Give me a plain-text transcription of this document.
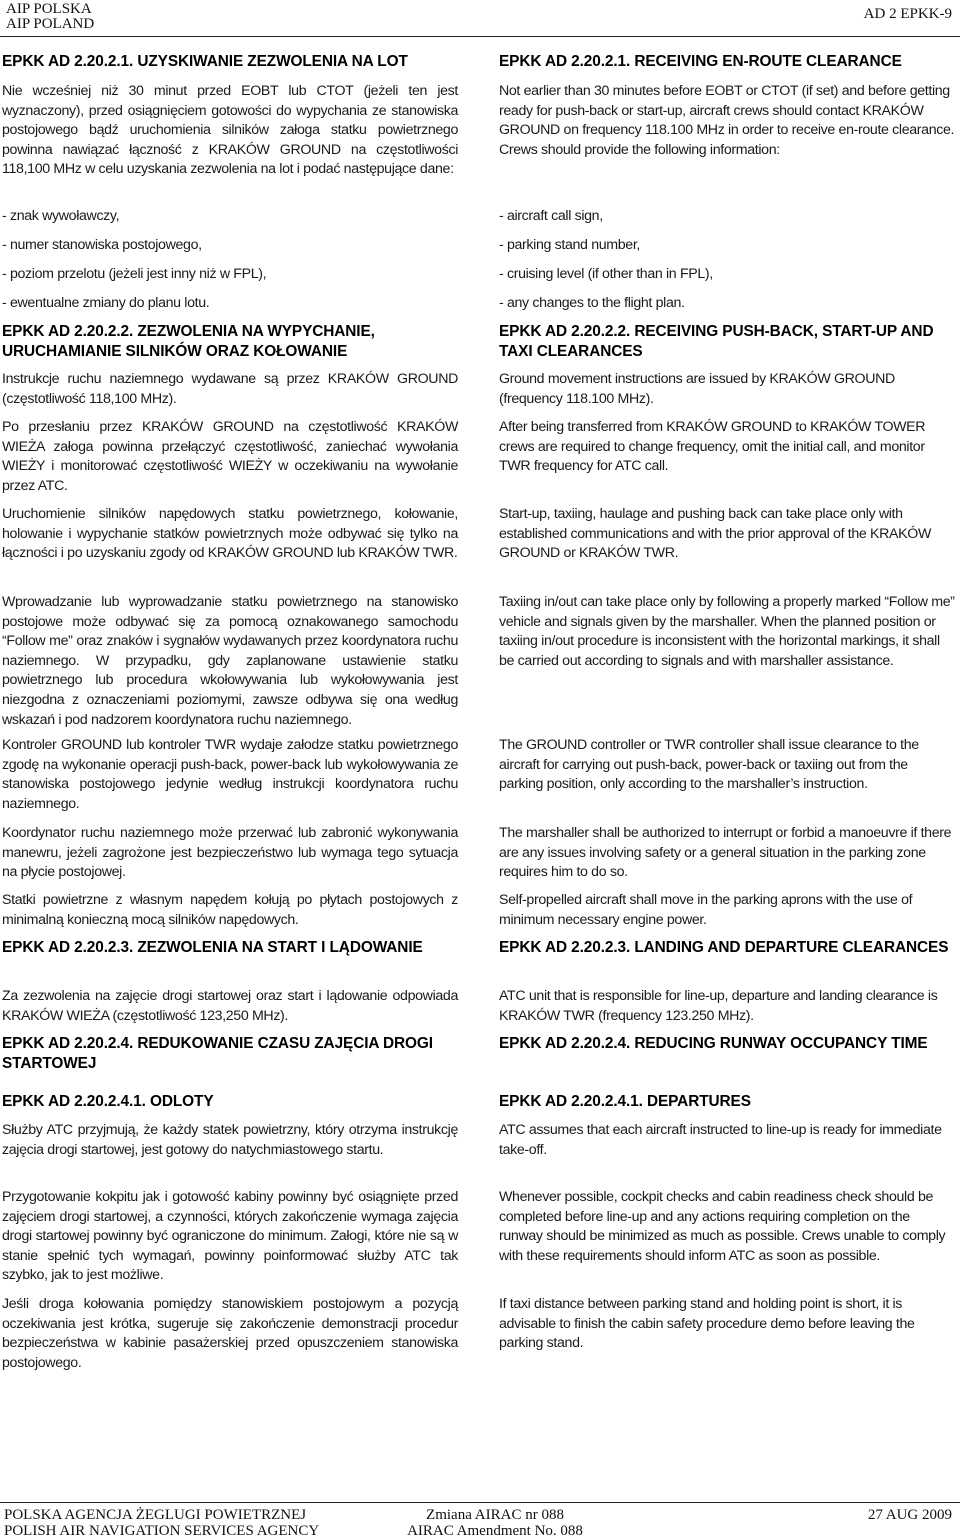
AIP POLSKA
AIP POLAND
AD 2 EPKK-9

EPKK AD 2.20.2.1. UZYSKIWANIE ZEZWOLENIA NA LOT

Nie wcześniej niż 30 minut przed EOBT lub CTOT (jeżeli ten jest wyznaczony), przed osiągnięciem gotowości do wypychania ze stanowiska postojowego bądź uruchomienia silników załoga statku powietrznego powinna nawiązać łączność z KRAKÓW GROUND na częstotliwości 118,100 MHz w celu uzyskania zezwolenia na lot i podać następujące dane:

- znak wywoławczy,

- numer stanowiska postojowego,

- poziom przelotu (jeżeli jest inny niż w FPL),

- ewentualne zmiany do planu lotu.

EPKK AD 2.20.2.2. ZEZWOLENIA NA WYPYCHANIE, URUCHAMIANIE SILNIKÓW ORAZ KOŁOWANIE

Instrukcje ruchu naziemnego wydawane są przez KRAKÓW GROUND (częstotliwość 118,100 MHz).

Po przesłaniu przez KRAKÓW GROUND na częstotliwość KRAKÓW WIEŻA załoga powinna przełączyć częstotliwość, zaniechać wywołania WIEŻY i monitorować częstotliwość WIEŻY w oczekiwaniu na wywołanie przez ATC.

Uruchomienie silników napędowych statku powietrznego, kołowanie, holowanie i wypychanie statków powietrznych może odbywać się tylko na łączności i po uzyskaniu zgody od KRAKÓW GROUND lub KRAKÓW TWR.

Wprowadzanie lub wyprowadzanie statku powietrznego na stanowisko postojowe może odbywać się za pomocą oznakowanego samochodu “Follow me” oraz znaków i sygnałów wydawanych przez koordynatora ruchu naziemnego. W przypadku, gdy zaplanowane ustawienie statku powietrznego lub procedura wkołowywania lub wykołowywania jest niezgodna z oznaczeniami poziomymi, zawsze odbywa się ona według wskazań i pod nadzorem koordynatora ruchu naziemnego.

Kontroler GROUND lub kontroler TWR wydaje załodze statku powietrznego zgodę na wykonanie operacji push-back, power-back lub wykołowywania ze stanowiska postojowego jedynie według instrukcji koordynatora ruchu naziemnego.

Koordynator ruchu naziemnego może przerwać lub zabronić wykonywania manewru, jeżeli zagrożone jest bezpieczeństwo lub wymaga tego sytuacja na płycie postojowej.

Statki powietrzne z własnym napędem kołują po płytach postojowych z minimalną konieczną mocą silników napędowych.

EPKK AD 2.20.2.3. ZEZWOLENIA NA START I LĄDOWANIE

Za zezwolenia na zajęcie drogi startowej oraz start i lądowanie odpowiada KRAKÓW WIEŻA (częstotliwość 123,250 MHz).

EPKK AD 2.20.2.4. REDUKOWANIE CZASU ZAJĘCIA DROGI STARTOWEJ

EPKK AD 2.20.2.4.1. ODLOTY

Służby ATC przyjmują, że każdy statek powietrzny, który otrzyma instrukcję zajęcia drogi startowej, jest gotowy do natychmiastowego startu.

Przygotowanie kokpitu jak i gotowość kabiny powinny być osiągnięte przed zajęciem drogi startowej, a czynności, których zakończenie wymaga zajęcia drogi startowej powinny być ograniczone do minimum. Załogi, które nie są w stanie spełnić tych wymagań, powinny poinformować służby ATC tak szybko, jak to jest możliwe.

Jeśli droga kołowania pomiędzy stanowiskiem postojowym a pozycją oczekiwania jest krótka, sugeruje się zakończenie demonstracji procedur bezpieczeństwa w kabinie pasażerskiej przed opuszczeniem stanowiska postojowego.

EPKK AD 2.20.2.1. RECEIVING EN-ROUTE CLEARANCE

Not earlier than 30 minutes before EOBT or CTOT (if set) and before getting ready for push-back or start-up, aircraft crews should contact KRAKÓW GROUND on frequency 118.100 MHz in order to receive en-route clearance. Crews should provide the following information:

- aircraft call sign,

- parking stand number,

- cruising level (if other than in FPL),

- any changes to the flight plan.

EPKK AD 2.20.2.2. RECEIVING PUSH-BACK, START-UP AND TAXI CLEARANCES

Ground movement instructions are issued by KRAKÓW GROUND (frequency 118.100 MHz).

After being transferred from KRAKÓW GROUND to KRAKÓW TOWER crews are required to change frequency, omit the initial call, and monitor TWR frequency for ATC call.

Start-up, taxiing, haulage and pushing back can take place only with established communications and with the prior approval of the KRAKÓW GROUND or KRAKÓW TWR.

Taxiing in/out can take place only by following a properly marked “Follow me” vehicle and signals given by the marshaller. When the planned position or taxiing in/out procedure is inconsistent with the horizontal markings, it shall be carried out according to signals and with marshaller assistance.

The GROUND controller or TWR controller shall issue clearance to the aircraft for carrying out push-back, power-back or taxiing out from the parking position, only according to the marshaller’s instruction.

The marshaller shall be authorized to interrupt or forbid a manoeuvre if there are any issues involving safety or a general situation in the parking zone requires him to do so.

Self-propelled aircraft shall move in the parking aprons with the use of minimum necessary engine power.

EPKK AD 2.20.2.3. LANDING AND DEPARTURE CLEARANCES

ATC unit that is responsible for line-up, departure and landing clearance is KRAKÓW TWR (frequency 123.250 MHz).

EPKK AD 2.20.2.4. REDUCING RUNWAY OCCUPANCY TIME

EPKK AD 2.20.2.4.1. DEPARTURES

ATC assumes that each aircraft instructed to line-up is ready for immediate take-off.

Whenever possible, cockpit checks and cabin readiness check should be completed before line-up and any actions requiring completion on the runway should be minimized as much as possible. Crews unable to comply with these requirements should inform ATC as soon as possible.

If taxi distance between parking stand and holding point is short, it is advisable to finish the cabin safety procedure demo before leaving the parking stand.

POLSKA AGENCJA ŻEGLUGI POWIETRZNEJ
POLISH AIR NAVIGATION SERVICES AGENCY
Zmiana AIRAC nr 088
AIRAC Amendment No. 088
27 AUG 2009
